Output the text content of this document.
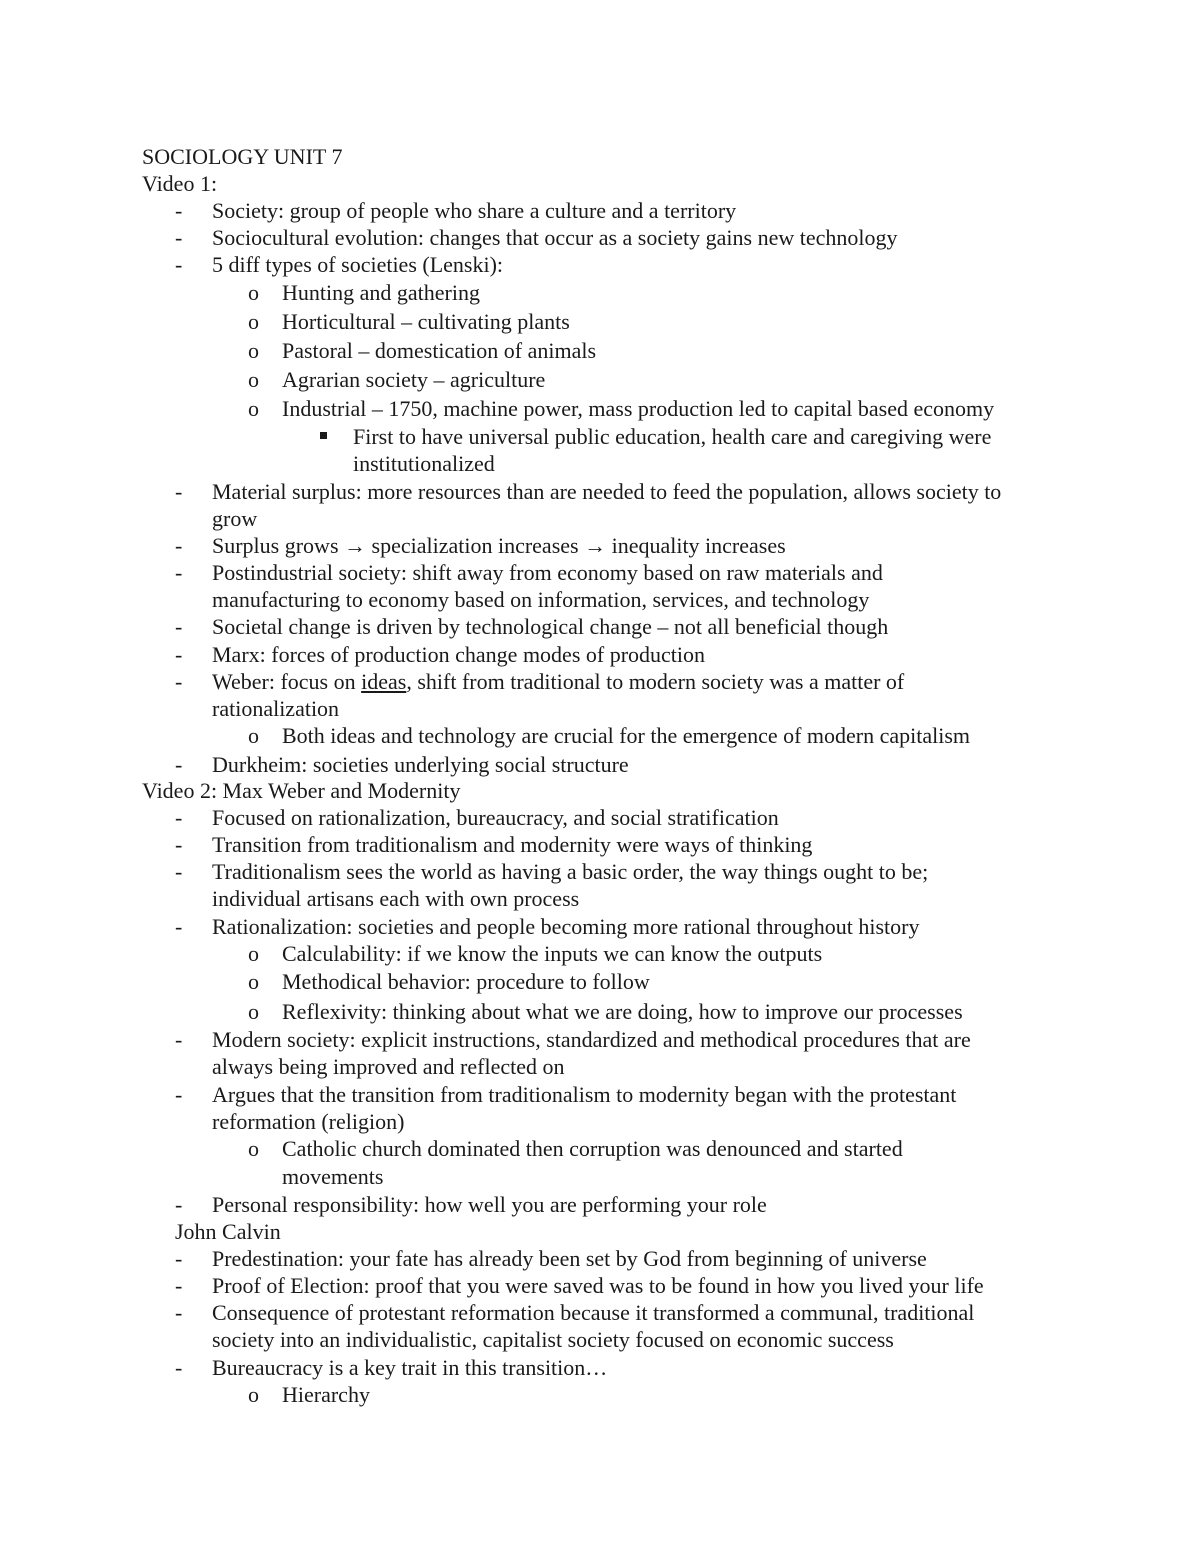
SOCIOLOGY UNIT 7
Video 1:
- Society: group of people who share a culture and a territory
- Sociocultural evolution: changes that occur as a society gains new technology
- 5 diff types of societies (Lenski):
o Hunting and gathering
o Horticultural – cultivating plants
o Pastoral – domestication of animals
o Agrarian society – agriculture
o Industrial – 1750, machine power, mass production led to capital based economy
First to have universal public education, health care and caregiving were
institutionalized
- Material surplus: more resources than are needed to feed the population, allows society to
grow
- Surplus grows → specialization increases → inequality increases
- Postindustrial society: shift away from economy based on raw materials and
manufacturing to economy based on information, services, and technology
- Societal change is driven by technological change – not all beneficial though
- Marx: forces of production change modes of production
- Weber: focus on ideas, shift from traditional to modern society was a matter of
rationalization
o Both ideas and technology are crucial for the emergence of modern capitalism
- Durkheim: societies underlying social structure
Video 2: Max Weber and Modernity
- Focused on rationalization, bureaucracy, and social stratification
- Transition from traditionalism and modernity were ways of thinking
- Traditionalism sees the world as having a basic order, the way things ought to be;
individual artisans each with own process
- Rationalization: societies and people becoming more rational throughout history
o Calculability: if we know the inputs we can know the outputs
o Methodical behavior: procedure to follow
o Reflexivity: thinking about what we are doing, how to improve our processes
- Modern society: explicit instructions, standardized and methodical procedures that are
always being improved and reflected on
- Argues that the transition from traditionalism to modernity began with the protestant
reformation (religion)
o Catholic church dominated then corruption was denounced and started
movements
- Personal responsibility: how well you are performing your role
John Calvin
- Predestination: your fate has already been set by God from beginning of universe
- Proof of Election: proof that you were saved was to be found in how you lived your life
- Consequence of protestant reformation because it transformed a communal, traditional
society into an individualistic, capitalist society focused on economic success
- Bureaucracy is a key trait in this transition…
o Hierarchy
